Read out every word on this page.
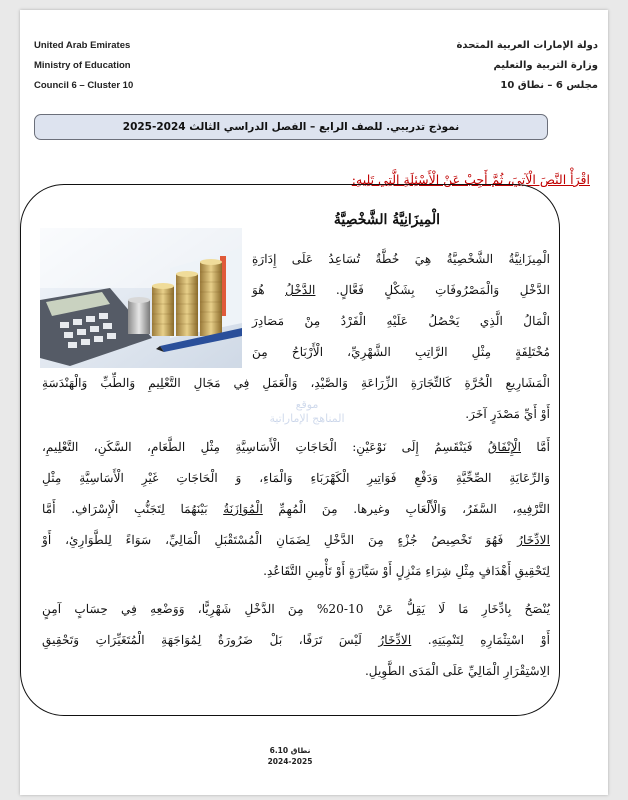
United Arab Emirates
Ministry of Education
Council 6 – Cluster 10
دولة الإمارات العربية المتحدة
وزارة التربية والتعليم
مجلس 6 – نطاق 10
نموذج تدريبي. للصف الرابع – الفصل الدراسي الثالث 2024-2025
اقْرَأْ النَّصَ الْآتِيَ، ثُمَّ أَجِبْ عَنْ الْأَسْئِلَةِ الَّتِي تَلِيهِ:
الْمِيزَانِيَّةُ الشَّخْصِيَّةُ
موقع
المناهج الإماراتية
الْمِيزَانِيَّةُ الشَّخْصِيَّةُ هِيَ خُطَّةٌ تُسَاعِدُ عَلَى إِدَارَةِ
الدَّخْلِ وَالْمَصْرُوفَاتِ بِشَكْلٍ فَعَّالٍ. الدَّخْلُ هُوَ
الْمَالُ الَّذِي يَحْصُلُ عَلَيْهِ الْفَرْدُ مِنْ مَصَادِرَ
مُخْتَلِفَةٍ مِثْلِ الرَّاتِبِ الشَّهْرِيِّ، الْأَرْبَاحُ مِنَ
الْمَشَارِيعِ الْحُرَّةِ كَالتِّجَارَةِ الزِّرَاعَةِ وَالصَّيْدِ، وَالْعَمَلِ فِي مَجَالِ التَّعْلِيمِ وَالطِّبِّ وَالْهَنْدَسَةِ
أَوْ أَيِّ مَصْدَرٍ آخَرَ.
أَمَّا الْإِنْفَاقُ فَيَنْقَسِمُ إِلَى نَوْعَيْنِ: الْحَاجَاتِ الْأَسَاسِيَّةِ مِثْلِ الطَّعَامِ، السَّكَنِ، التَّعْلِيمِ،
وَالرِّعَايَةِ الصِّحِّيَّةِ وَدَفْعِ فَوَاتِيرِ الْكَهْرَبَاءِ وَالْمَاءِ، وَ الْحَاجَاتِ غَيْرِ الْأَسَاسِيَّةِ مِثْلِ
التَّرْفِيهِ، السَّفَرُ، وَالْأَلْعَابِ وغيرها. مِنَ الْمُهِمِّ الْمُوَازَنَةُ بَيْنَهُمَا لِتَجَنُّبِ الْإِسْرَافِ. أَمَّا
الادِّخَارُ فَهُوَ تَخْصِيصُ جُزْءٍ مِنَ الدَّخْلِ لِضَمَانِ الْمُسْتَقْبَلِ الْمَالِيِّ، سَوَاءً لِلطَّوَارِئِ، أَوْ
لِتَحْقِيقِ أَهْدَافٍ مِثْلِ شِرَاءِ مَنْزِلٍ أَوْ سَيَّارَةٍ أَوْ تَأْمِينِ التَّقَاعُدِ.
يُنْصَحُ بِادِّخَارِ مَا لَا يَقِلُّ عَنْ 10-20% مِنَ الدَّخْلِ شَهْرِيًّا، وَوَضْعِهِ فِي حِسَابٍ آمِنٍ
أَوْ اسْتِثْمَارِهِ لِتَنْمِيَتِهِ. الادِّخَارُ لَيْسَ تَرَفًا، بَلْ ضَرُورَةٌ لِمُوَاجَهَةِ الْمُتَغَيِّرَاتِ وَتَحْقِيقِ
الِاسْتِقْرَارِ الْمَالِيِّ عَلَى الْمَدَى الطَّوِيلِ.
نطاق 6.10
2024-2025
